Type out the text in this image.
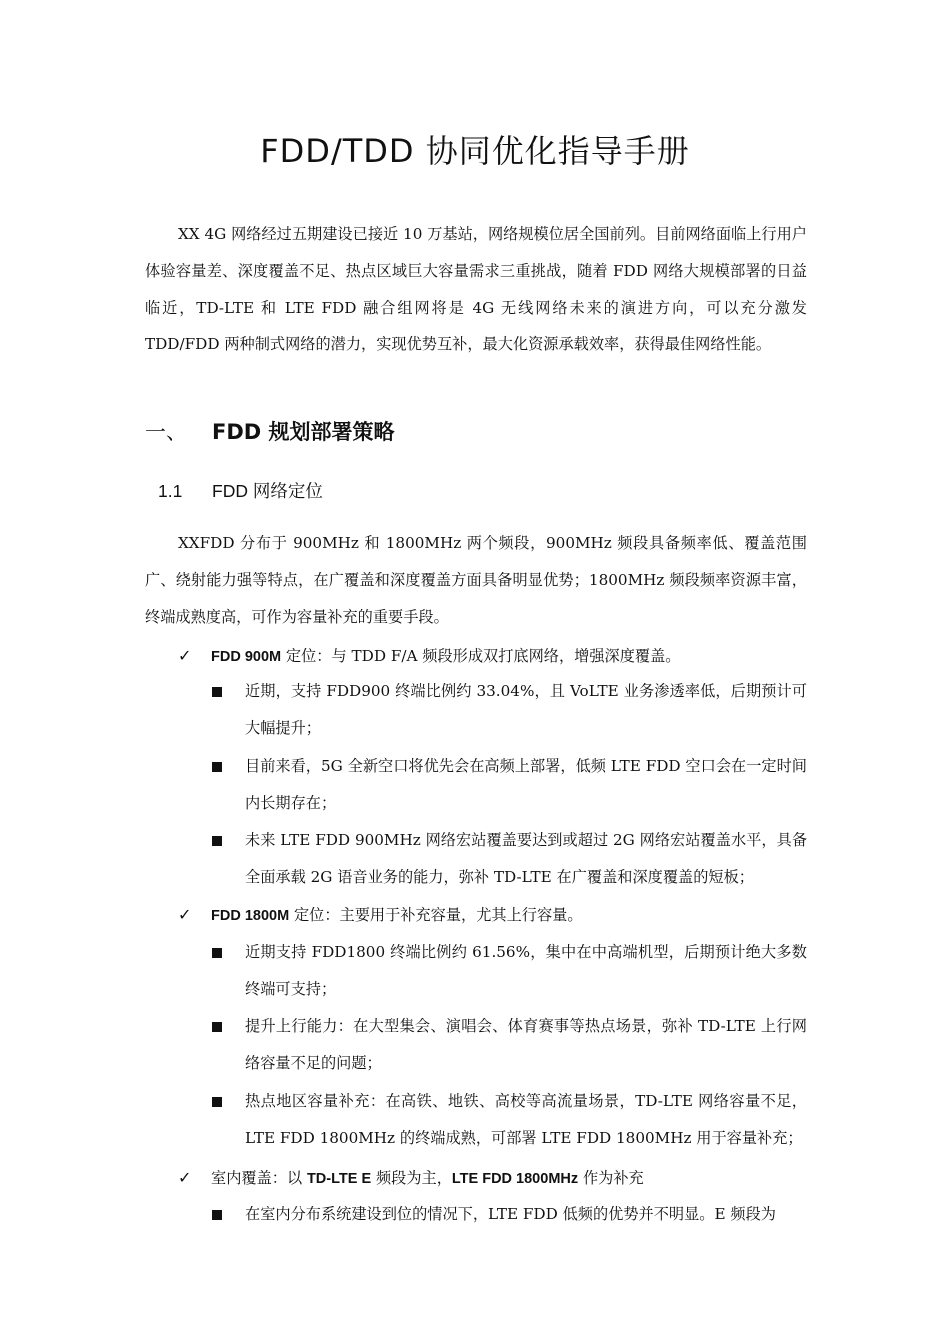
FDD/TDD 协同优化指导手册

XX 4G 网络经过五期建设已接近 10 万基站，网络规模位居全国前列。目前网络面临上行用户体验容量差、深度覆盖不足、热点区域巨大容量需求三重挑战，随着 FDD 网络大规模部署的日益临近，TD-LTE 和 LTE FDD 融合组网将是 4G 无线网络未来的演进方向，可以充分激发 TDD/FDD 两种制式网络的潜力，实现优势互补，最大化资源承载效率，获得最佳网络性能。

一、	FDD 规划部署策略
1.1 FDD 网络定位

XXFDD 分布于 900MHz 和 1800MHz 两个频段，900MHz 频段具备频率低、覆盖范围广、绕射能力强等特点，在广覆盖和深度覆盖方面具备明显优势；1800MHz 频段频率资源丰富，终端成熟度高，可作为容量补充的重要手段。

✓ FDD 900M 定位：与 TDD F/A 频段形成双打底网络，增强深度覆盖。
近期，支持 FDD900 终端比例约 33.04%，且 VoLTE 业务渗透率低，后期预计可大幅提升；
目前来看，5G 全新空口将优先会在高频上部署，低频 LTE FDD 空口会在一定时间内长期存在；
未来 LTE FDD 900MHz 网络宏站覆盖要达到或超过 2G 网络宏站覆盖水平，具备全面承载 2G 语音业务的能力，弥补 TD-LTE 在广覆盖和深度覆盖的短板；
✓ FDD 1800M 定位：主要用于补充容量，尤其上行容量。
近期支持 FDD1800 终端比例约 61.56%，集中在中高端机型，后期预计绝大多数终端可支持；
提升上行能力：在大型集会、演唱会、体育赛事等热点场景，弥补 TD-LTE 上行网络容量不足的问题；
热点地区容量补充：在高铁、地铁、高校等高流量场景，TD-LTE 网络容量不足，LTE FDD 1800MHz 的终端成熟，可部署 LTE FDD 1800MHz 用于容量补充；
✓ 室内覆盖：以 TD-LTE E 频段为主，LTE FDD 1800MHz 作为补充
在室内分布系统建设到位的情况下，LTE FDD 低频的优势并不明显。E 频段为
